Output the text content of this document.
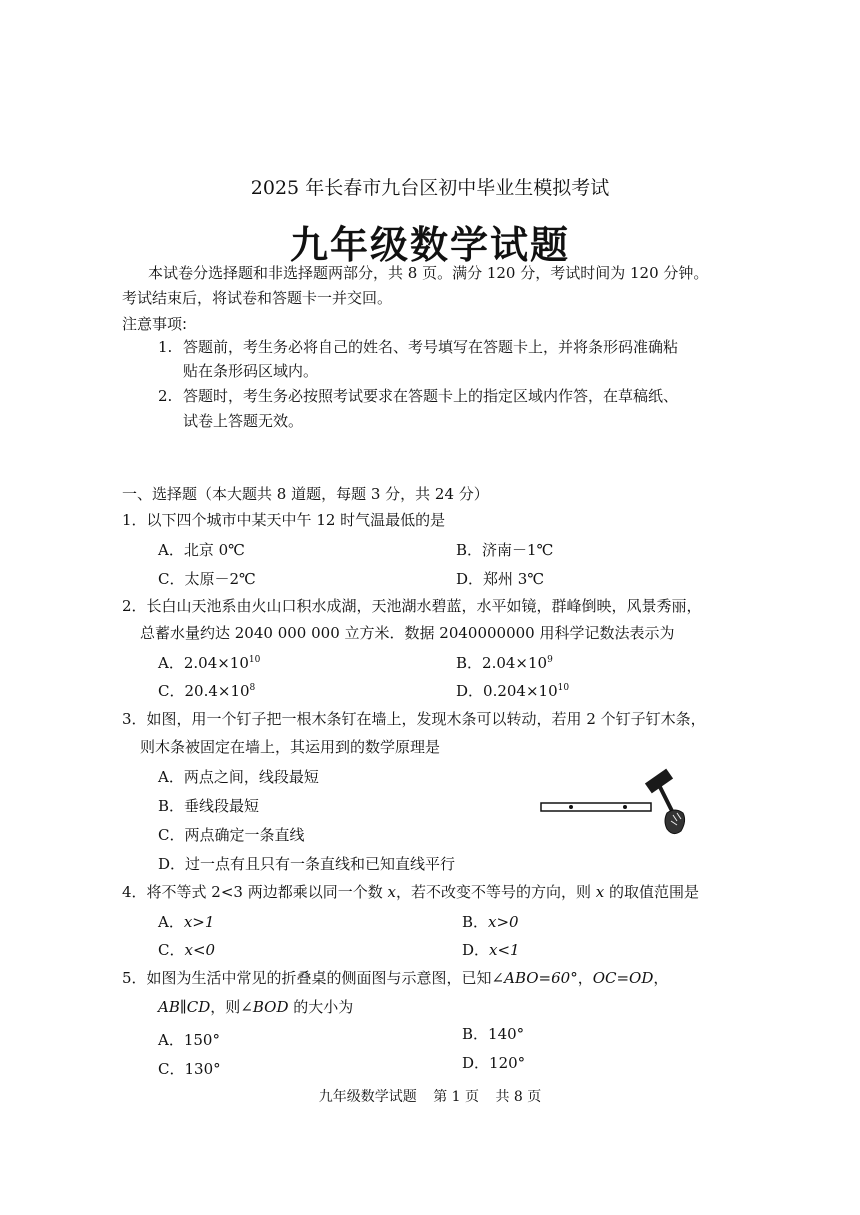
2025 年长春市九台区初中毕业生模拟考试
九年级数学试题
本试卷分选择题和非选择题两部分，共 8 页。满分 120 分，考试时间为 120 分钟。
考试结束后，将试卷和答题卡一并交回。
注意事项:
1. 答题前，考生务必将自己的姓名、考号填写在答题卡上，并将条形码准确粘
贴在条形码区域内。
2. 答题时，考生务必按照考试要求在答题卡上的指定区域内作答，在草稿纸、
试卷上答题无效。
一、选择题（本大题共 8 道题，每题 3 分，共 24 分）
1．以下四个城市中某天中午 12 时气温最低的是
A．北京 0℃	B．济南－1℃
C．太原－2℃	D．郑州 3℃
2．长白山天池系由火山口积水成湖，天池湖水碧蓝，水平如镜，群峰倒映，风景秀丽，
总蓄水量约达 2040 000 000 立方米．数据 2040000000 用科学记数法表示为
A．$2.04\times 10^{10}$	B．$2.04\times 10^9$
C．$20.4\times 10^8$	D．$0.204\times 10^{10}$
3．如图，用一个钉子把一根木条钉在墙上，发现木条可以转动，若用 2 个钉子钉木条，
则木条被固定在墙上，其运用到的数学原理是
A．两点之间，线段最短
B．垂线段最短
C．两点确定一条直线
D．过一点有且只有一条直线和已知直线平行
4．将不等式 2<3 两边都乘以同一个数 x，若不改变不等号的方向，则 x 的取值范围是
A．x>1	B．x>0
C．x<0	D．x<1
5．如图为生活中常见的折叠桌的侧面图与示意图，已知∠ABO=60°，OC=OD，
AB∥CD，则∠BOD 的大小为
A．150°	B．140°
C．130°	D．120°
九年级数学试题 第 1 页 共 8 页
